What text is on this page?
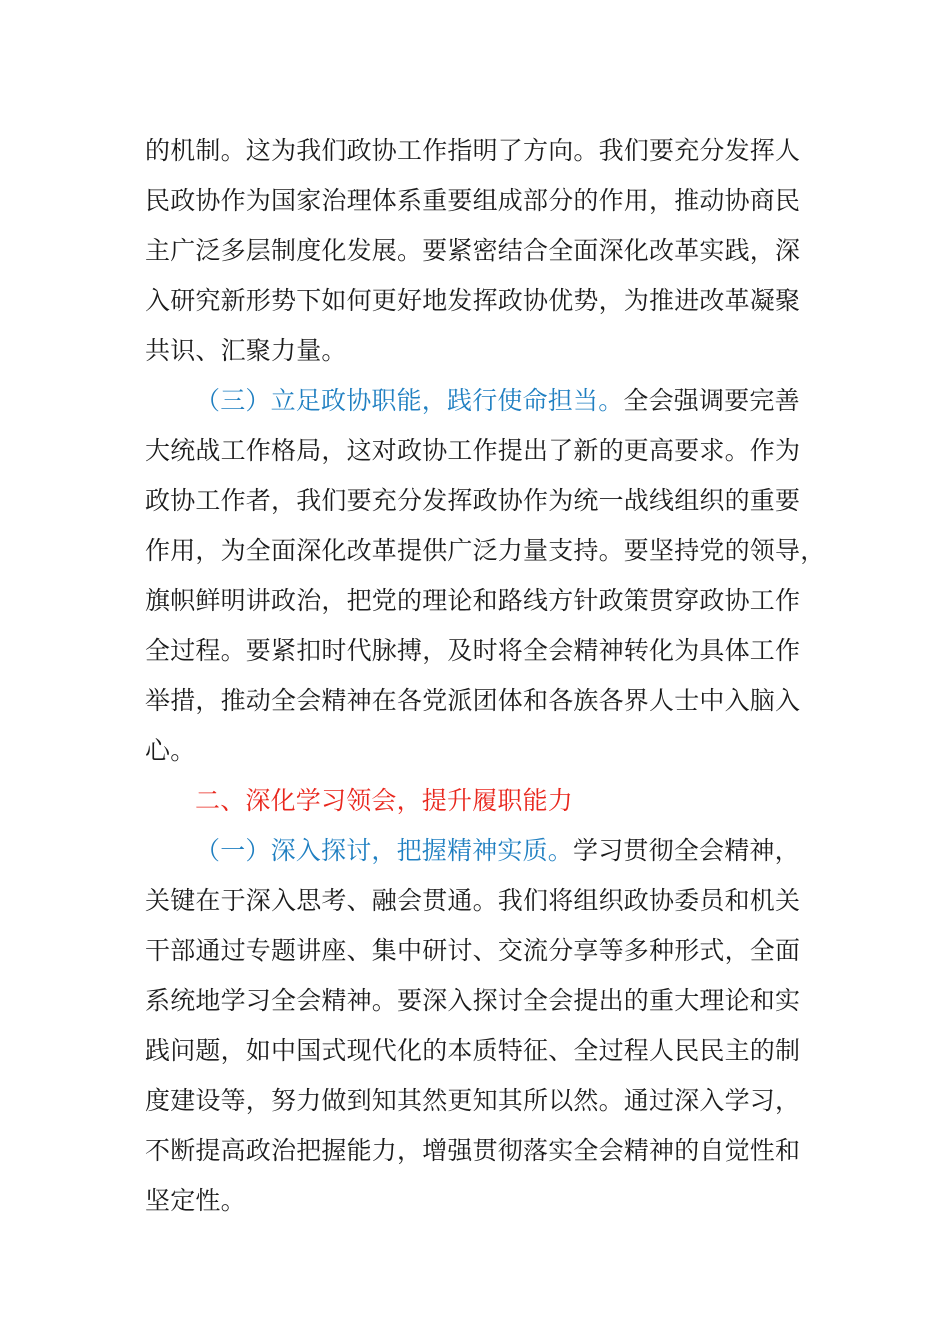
的机制。这为我们政协工作指明了方向。我们要充分发挥人
民政协作为国家治理体系重要组成部分的作用，推动协商民
主广泛多层制度化发展。要紧密结合全面深化改革实践，深
入研究新形势下如何更好地发挥政协优势，为推进改革凝聚
共识、汇聚力量。
（三）立足政协职能，践行使命担当。全会强调要完善
大统战工作格局，这对政协工作提出了新的更高要求。作为
政协工作者，我们要充分发挥政协作为统一战线组织的重要
作用，为全面深化改革提供广泛力量支持。要坚持党的领导，
旗帜鲜明讲政治，把党的理论和路线方针政策贯穿政协工作
全过程。要紧扣时代脉搏，及时将全会精神转化为具体工作
举措，推动全会精神在各党派团体和各族各界人士中入脑入
心。
二、深化学习领会，提升履职能力
（一）深入探讨，把握精神实质。学习贯彻全会精神，
关键在于深入思考、融会贯通。我们将组织政协委员和机关
干部通过专题讲座、集中研讨、交流分享等多种形式，全面
系统地学习全会精神。要深入探讨全会提出的重大理论和实
践问题，如中国式现代化的本质特征、全过程人民民主的制
度建设等，努力做到知其然更知其所以然。通过深入学习，
不断提高政治把握能力，增强贯彻落实全会精神的自觉性和
坚定性。
